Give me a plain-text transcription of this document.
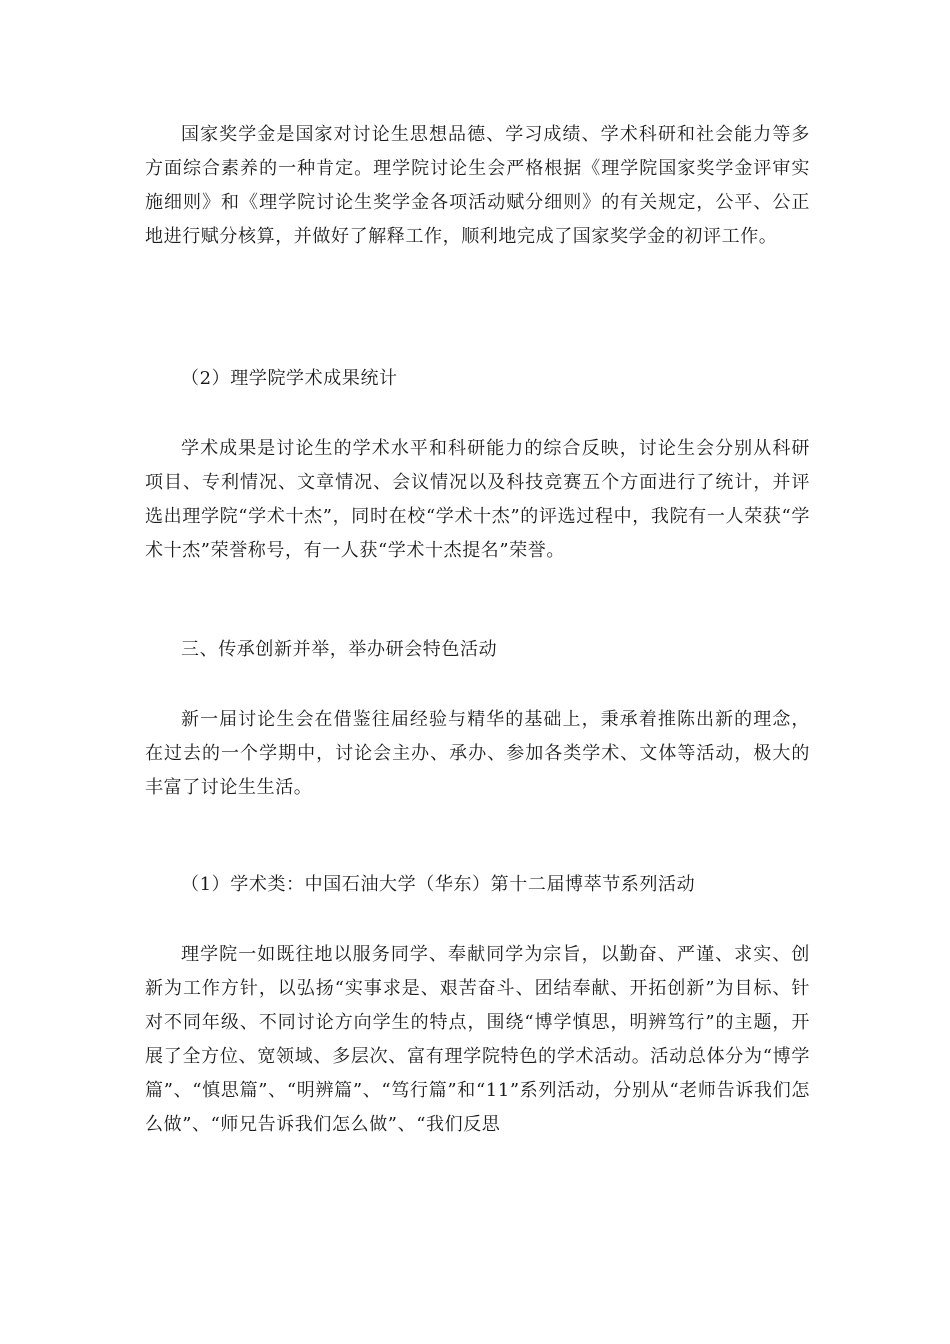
国家奖学金是国家对讨论生思想品德、学习成绩、学术科研和社会能力等多方面综合素养的一种肯定。理学院讨论生会严格根据《理学院国家奖学金评审实施细则》和《理学院讨论生奖学金各项活动赋分细则》的有关规定，公平、公正地进行赋分核算，并做好了解释工作，顺利地完成了国家奖学金的初评工作。

（2）理学院学术成果统计

学术成果是讨论生的学术水平和科研能力的综合反映，讨论生会分别从科研项目、专利情况、文章情况、会议情况以及科技竞赛五个方面进行了统计，并评选出理学院“学术十杰”，同时在校“学术十杰”的评选过程中，我院有一人荣获“学术十杰”荣誉称号，有一人获“学术十杰提名”荣誉。

三、传承创新并举，举办研会特色活动

新一届讨论生会在借鉴往届经验与精华的基础上，秉承着推陈出新的理念，在过去的一个学期中，讨论会主办、承办、参加各类学术、文体等活动，极大的丰富了讨论生生活。

（1）学术类：中国石油大学（华东）第十二届博萃节系列活动

理学院一如既往地以服务同学、奉献同学为宗旨，以勤奋、严谨、求实、创新为工作方针，以弘扬“实事求是、艰苦奋斗、团结奉献、开拓创新”为目标、针对不同年级、不同讨论方向学生的特点，围绕“博学慎思，明辨笃行”的主题，开展了全方位、宽领域、多层次、富有理学院特色的学术活动。活动总体分为“博学篇”、“慎思篇”、“明辨篇”、“笃行篇”和“11”系列活动，分别从“老师告诉我们怎么做”、“师兄告诉我们怎么做”、“我们反思
